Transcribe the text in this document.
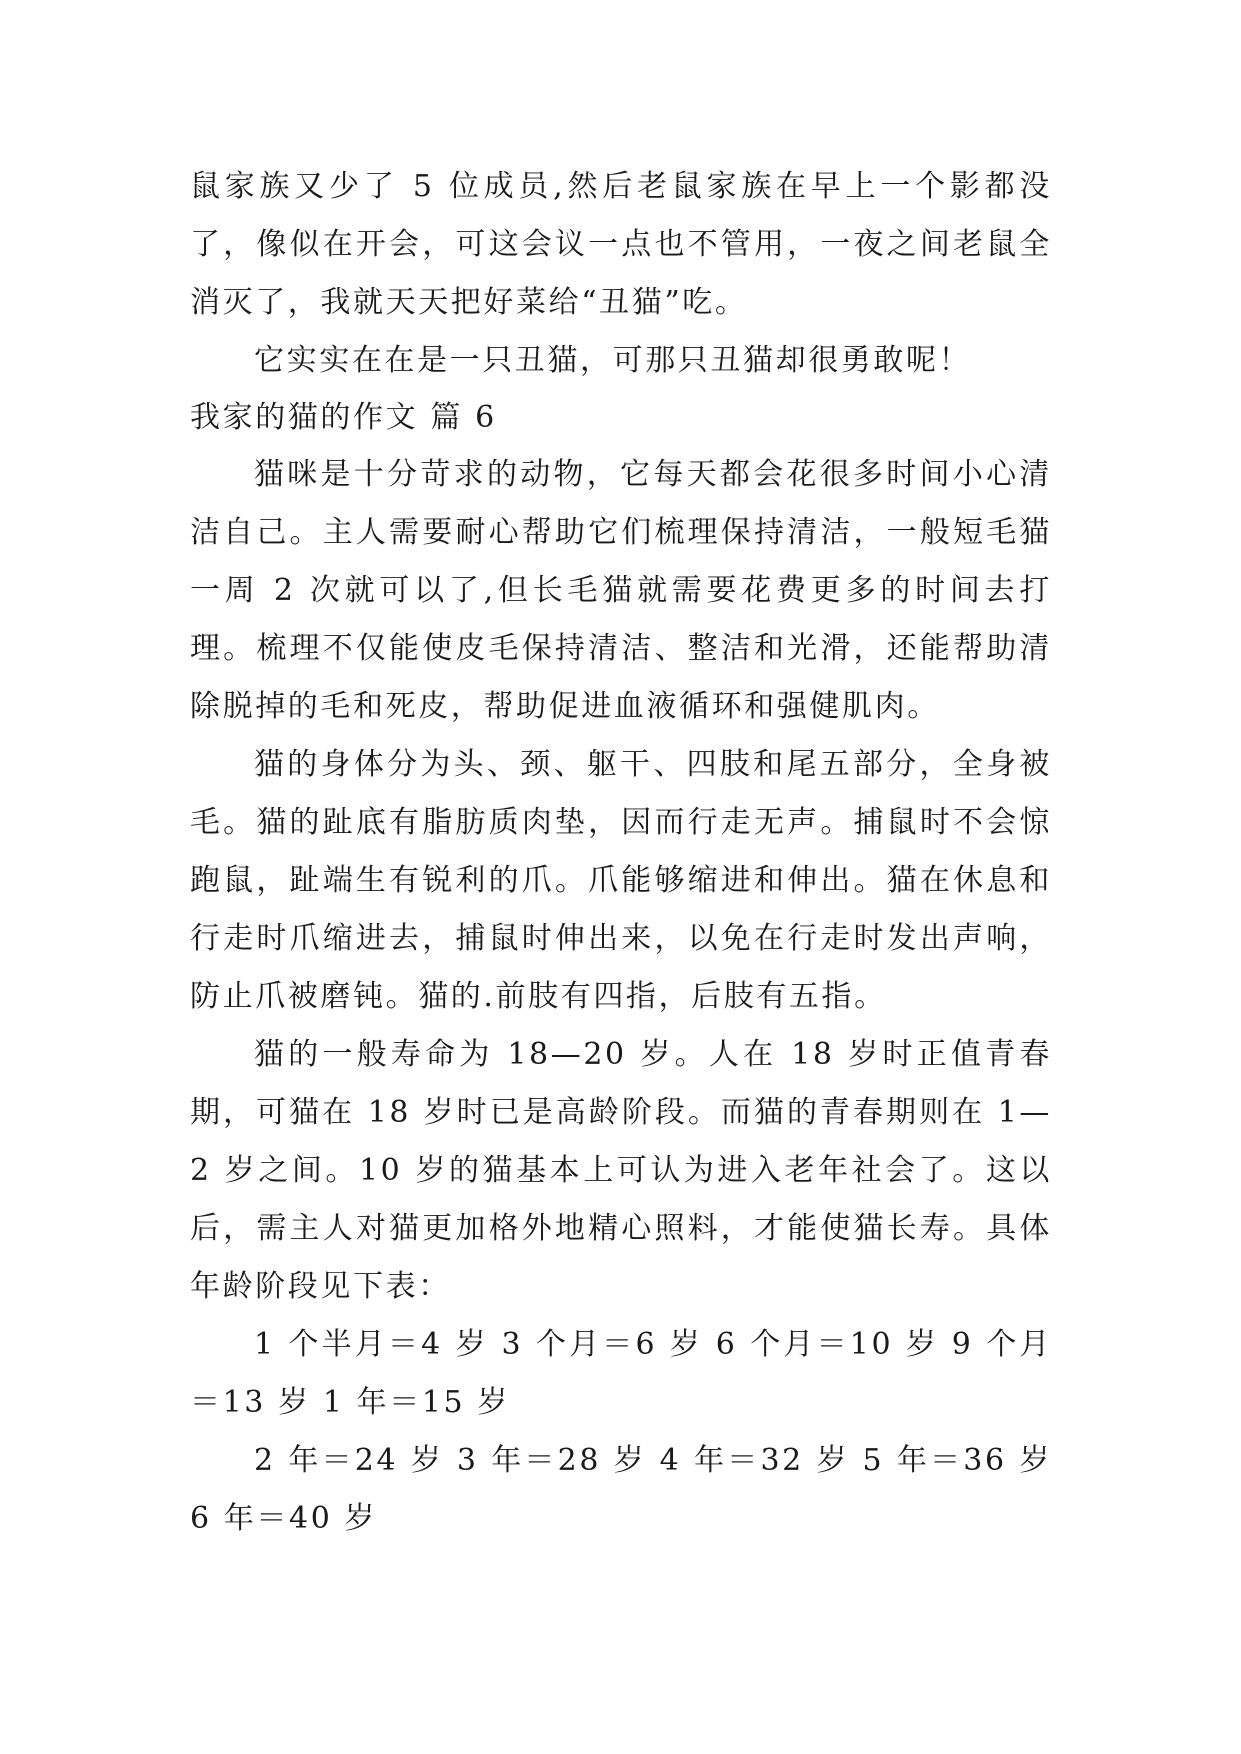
鼠家族又少了 5 位成员,然后老鼠家族在早上一个影都没了，像似在开会，可这会议一点也不管用，一夜之间老鼠全消灭了，我就天天把好菜给“丑猫”吃。

它实实在在是一只丑猫，可那只丑猫却很勇敢呢！

我家的猫的作文 篇 6

猫咪是十分苛求的动物，它每天都会花很多时间小心清洁自己。主人需要耐心帮助它们梳理保持清洁，一般短毛猫一周 2 次就可以了,但长毛猫就需要花费更多的时间去打理。梳理不仅能使皮毛保持清洁、整洁和光滑，还能帮助清除脱掉的毛和死皮，帮助促进血液循环和强健肌肉。

猫的身体分为头、颈、躯干、四肢和尾五部分，全身被毛。猫的趾底有脂肪质肉垫，因而行走无声。捕鼠时不会惊跑鼠，趾端生有锐利的爪。爪能够缩进和伸出。猫在休息和行走时爪缩进去，捕鼠时伸出来，以免在行走时发出声响，防止爪被磨钝。猫的.前肢有四指，后肢有五指。

猫的一般寿命为 18—20 岁。人在 18 岁时正值青春期，可猫在 18 岁时已是高龄阶段。而猫的青春期则在 1—2 岁之间。10 岁的猫基本上可认为进入老年社会了。这以后，需主人对猫更加格外地精心照料，才能使猫长寿。具体年龄阶段见下表：

1 个半月＝4 岁 3 个月＝6 岁 6 个月＝10 岁 9 个月＝13 岁 1 年＝15 岁

2 年＝24 岁 3 年＝28 岁 4 年＝32 岁 5 年＝36 岁 6 年＝40 岁
